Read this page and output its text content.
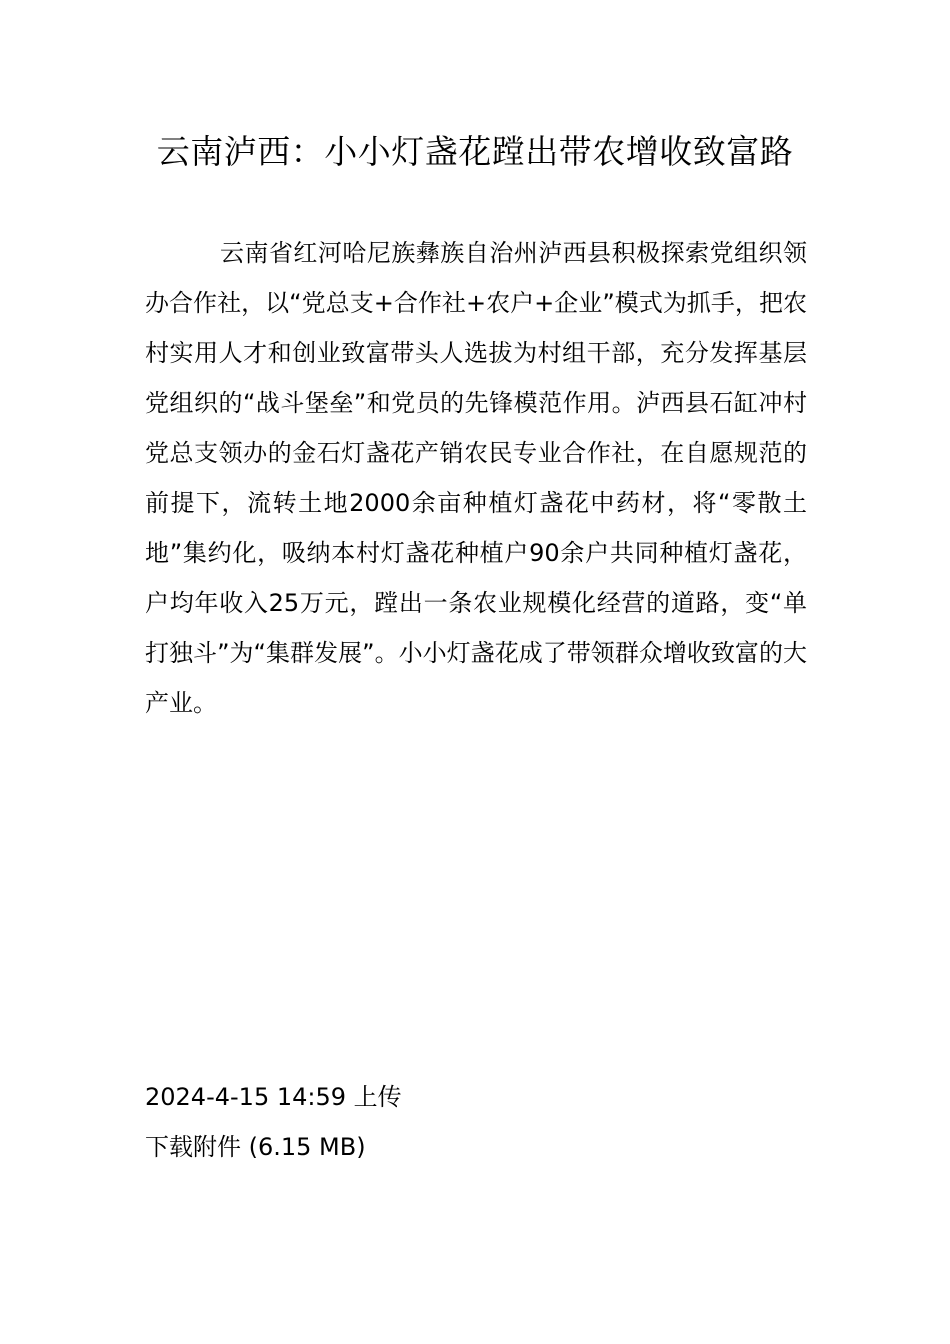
云南泸西：小小灯盏花蹚出带农增收致富路

云南省红河哈尼族彝族自治州泸西县积极探索党组织领办合作社，以“党总支+合作社+农户+企业”模式为抓手，把农村实用人才和创业致富带头人选拔为村组干部，充分发挥基层党组织的“战斗堡垒”和党员的先锋模范作用。泸西县石缸冲村党总支领办的金石灯盏花产销农民专业合作社，在自愿规范的前提下，流转土地2000余亩种植灯盏花中药材，将“零散土地”集约化，吸纳本村灯盏花种植户90余户共同种植灯盏花，户均年收入25万元，蹚出一条农业规模化经营的道路，变“单打独斗”为“集群发展”。小小灯盏花成了带领群众增收致富的大产业。

2024-4-15 14:59 上传
下载附件 (6.15 MB)
